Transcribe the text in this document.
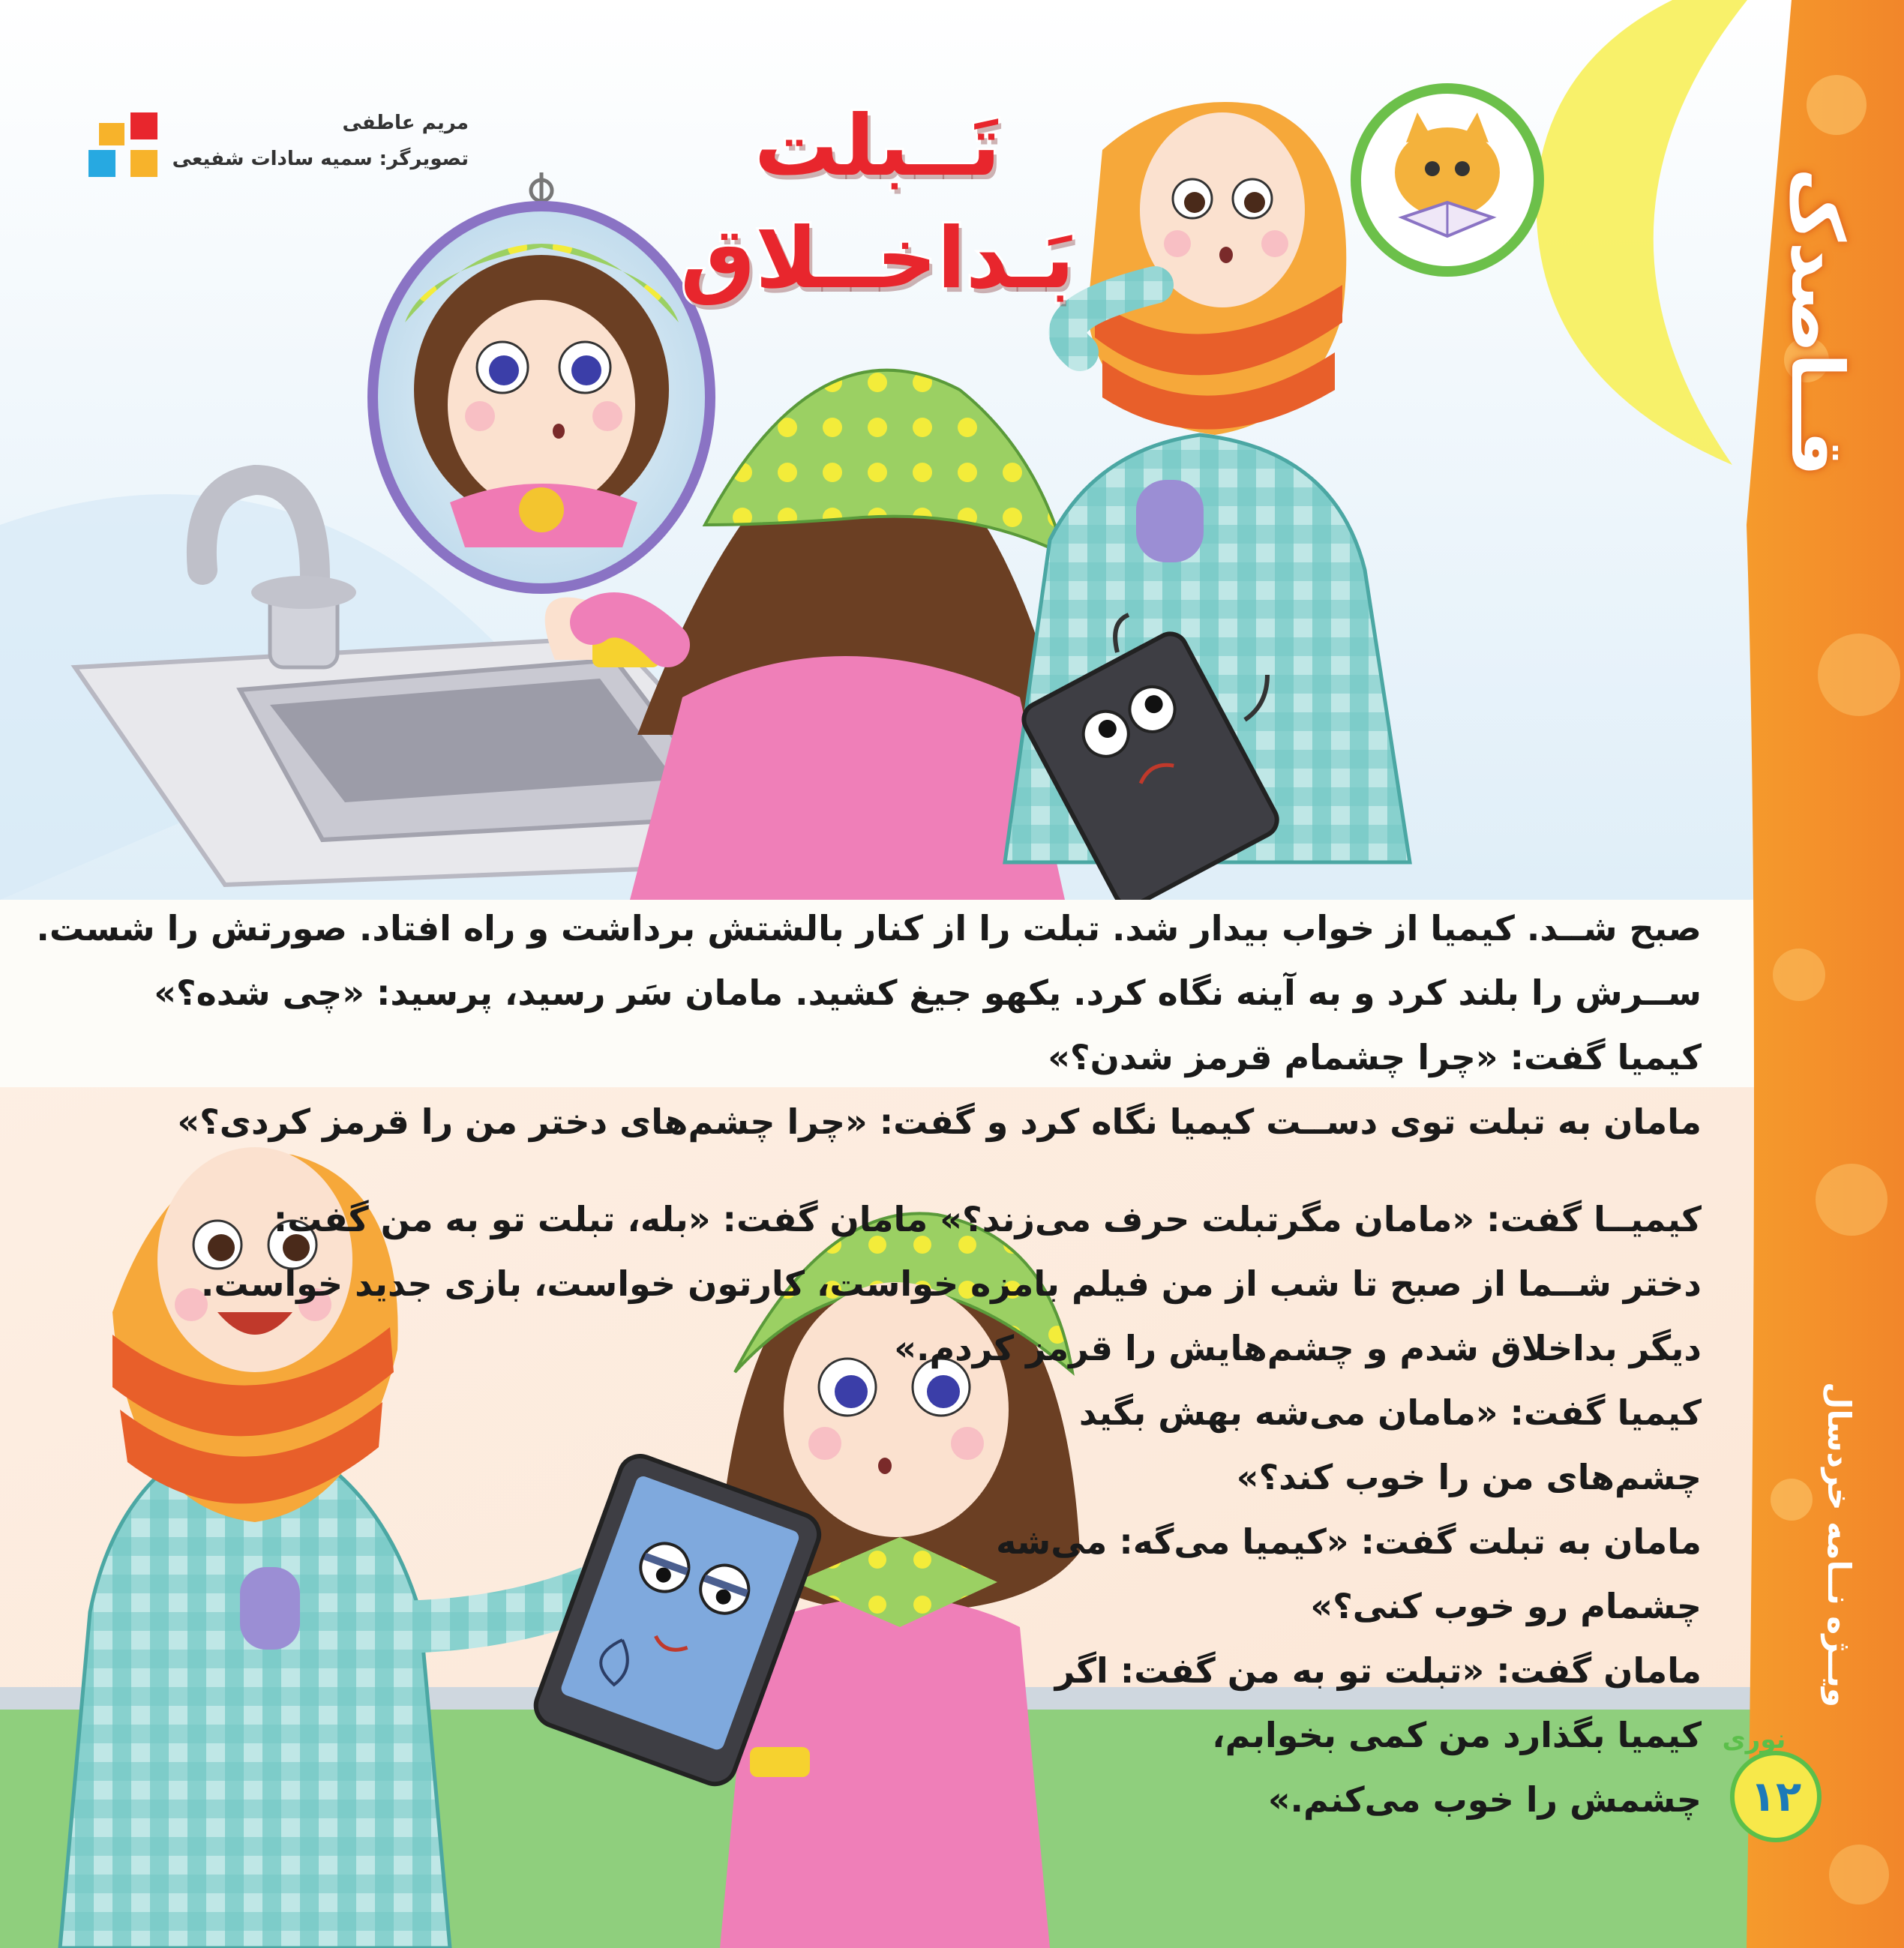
قــاصدک
ویــژه نــامه خردسال
نوری
۱۲
تَــبلت بَـداخــلاق
مریم عاطفی
تصویرگر: سمیه سادات شفیعی

صبح شــد. کیمیا از خواب بیدار شد. تبلت را از کنار بالشتش برداشت و راه افتاد. صورتش را شست.

ســرش را بلند کرد و به آینه نگاه کرد. یکهو جیغ کشید. مامان سَر رسید، پرسید: «چی شده؟»

کیمیا گفت: «چرا چشمام قرمز شدن؟»

مامان به تبلت توی دســت کیمیا نگاه کرد و گفت: «چرا چشم‌های دختر من را قرمز کردی؟»

کیمیــا گفت: «مامان مگرتبلت حرف می‌زند؟» مامان گفت: «بله، تبلت تو به من گفت:

دختر شــما از صبح تا شب از من فیلم بامزه خواست، کارتون خواست، بازی جدید خواست.

دیگر بداخلاق شدم و چشم‌هایش را قرمز کردم.»

کیمیا گفت: «مامان می‌شه بهش بگید

چشم‌های من را خوب کند؟»

مامان به تبلت گفت: «کیمیا می‌گه: می‌شه

چشمام رو خوب کنی؟»

مامان گفت: «تبلت تو به من گفت: اگر

کیمیا بگذارد من کمی بخوابم،

چشمش را خوب می‌کنم.»
